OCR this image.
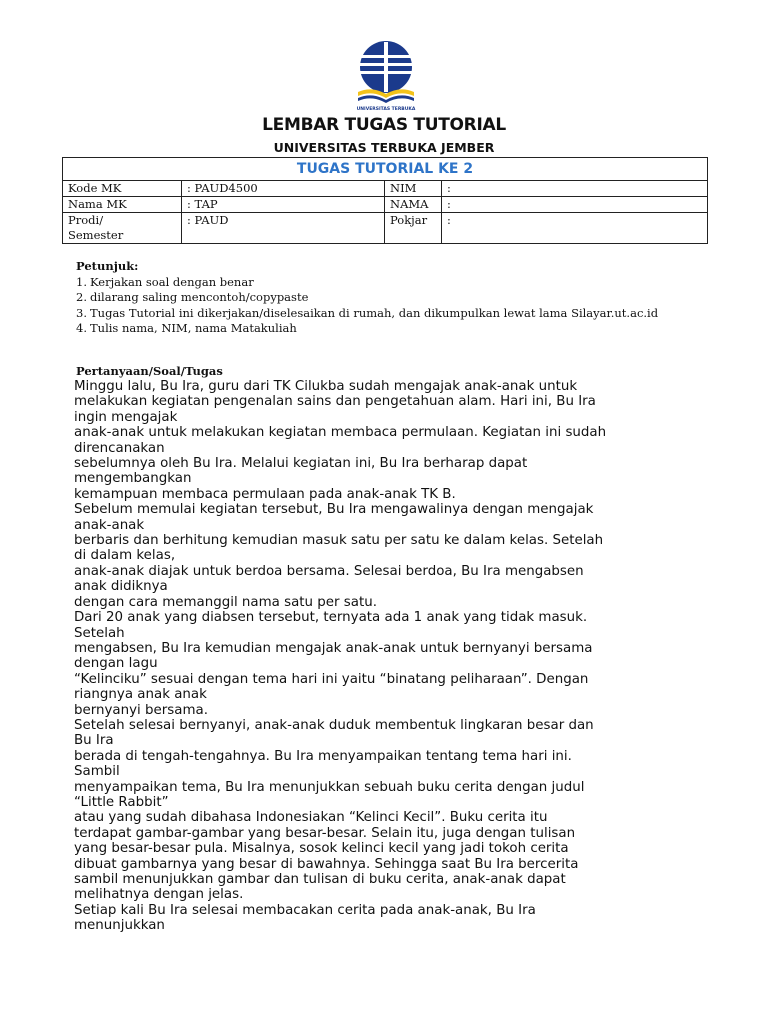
UNIVERSITAS TERBUKA
LEMBAR TUGAS TUTORIAL
UNIVERSITAS TERBUKA JEMBER
TUGAS TUTORIAL KE 2			
Kode MK	: PAUD4500	NIM	:
Nama MK	: TAP	NAMA	:

Prodi/
Semester	: PAUD	Pokjar	:
Petunjuk:
1. Kerjakan soal dengan benar
2. dilarang saling mencontoh/copypaste
3. Tugas Tutorial ini dikerjakan/diselesaikan di rumah, dan dikumpulkan lewat lama Silayar.ut.ac.id
4. Tulis nama, NIM, nama Matakuliah
Pertanyaan/Soal/Tugas
Minggu lalu, Bu Ira, guru dari TK Cilukba sudah mengajak anak-anak untuk
melakukan kegiatan pengenalan sains dan pengetahuan alam. Hari ini, Bu Ira
ingin mengajak
anak-anak untuk melakukan kegiatan membaca permulaan. Kegiatan ini sudah
direncanakan
sebelumnya oleh Bu Ira. Melalui kegiatan ini, Bu Ira berharap dapat
mengembangkan
kemampuan membaca permulaan pada anak-anak TK B.
Sebelum memulai kegiatan tersebut, Bu Ira mengawalinya dengan mengajak
anak-anak
berbaris dan berhitung kemudian masuk satu per satu ke dalam kelas. Setelah
di dalam kelas,
anak-anak diajak untuk berdoa bersama. Selesai berdoa, Bu Ira mengabsen
anak didiknya
dengan cara memanggil nama satu per satu.
Dari 20 anak yang diabsen tersebut, ternyata ada 1 anak yang tidak masuk.
Setelah
mengabsen, Bu Ira kemudian mengajak anak-anak untuk bernyanyi bersama
dengan lagu
“Kelinciku” sesuai dengan tema hari ini yaitu “binatang peliharaan”. Dengan
riangnya anak anak
bernyanyi bersama.
Setelah selesai bernyanyi, anak-anak duduk membentuk lingkaran besar dan
Bu Ira
berada di tengah-tengahnya. Bu Ira menyampaikan tentang tema hari ini.
Sambil
menyampaikan tema, Bu Ira menunjukkan sebuah buku cerita dengan judul
“Little Rabbit”
atau yang sudah dibahasa Indonesiakan “Kelinci Kecil”. Buku cerita itu
terdapat gambar-gambar yang besar-besar. Selain itu, juga dengan tulisan
yang besar-besar pula. Misalnya, sosok kelinci kecil yang jadi tokoh cerita
dibuat gambarnya yang besar di bawahnya. Sehingga saat Bu Ira bercerita
sambil menunjukkan gambar dan tulisan di buku cerita, anak-anak dapat
melihatnya dengan jelas.
Setiap kali Bu Ira selesai membacakan cerita pada anak-anak, Bu Ira
menunjukkan
